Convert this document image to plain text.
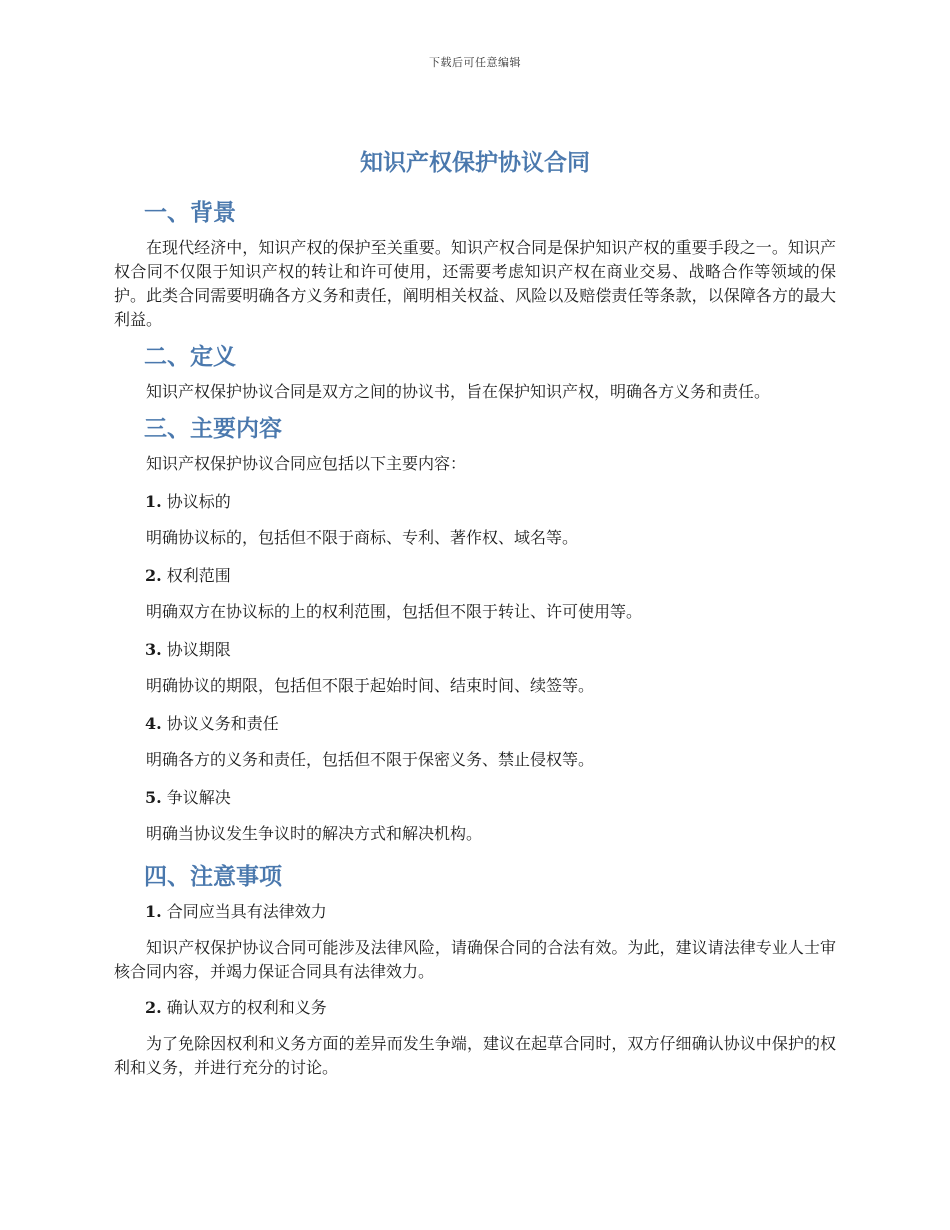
下载后可任意编辑
知识产权保护协议合同
一、背景

在现代经济中，知识产权的保护至关重要。知识产权合同是保护知识产权的重要手段之一。知识产权合同不仅限于知识产权的转让和许可使用，还需要考虑知识产权在商业交易、战略合作等领域的保护。此类合同需要明确各方义务和责任，阐明相关权益、风险以及赔偿责任等条款，以保障各方的最大利益。

二、定义

知识产权保护协议合同是双方之间的协议书，旨在保护知识产权，明确各方义务和责任。

三、主要内容

知识产权保护协议合同应包括以下主要内容：

1. 协议标的

明确协议标的，包括但不限于商标、专利、著作权、域名等。

2. 权利范围

明确双方在协议标的上的权利范围，包括但不限于转让、许可使用等。

3. 协议期限

明确协议的期限，包括但不限于起始时间、结束时间、续签等。

4. 协议义务和责任

明确各方的义务和责任，包括但不限于保密义务、禁止侵权等。

5. 争议解决

明确当协议发生争议时的解决方式和解决机构。

四、注意事项
1. 合同应当具有法律效力

知识产权保护协议合同可能涉及法律风险，请确保合同的合法有效。为此，建议请法律专业人士审核合同内容，并竭力保证合同具有法律效力。

2. 确认双方的权利和义务

为了免除因权利和义务方面的差异而发生争端，建议在起草合同时，双方仔细确认协议中保护的权利和义务，并进行充分的讨论。
